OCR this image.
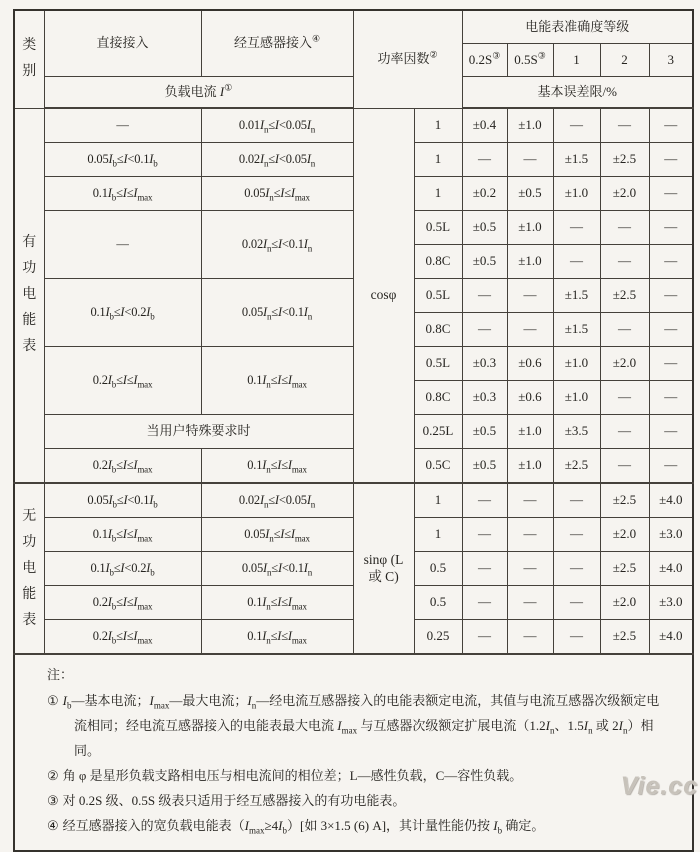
类别	直接接入	经互感器接入④	功率因数②		电能表准确度等级				
					0.2S③	0.5S③	1	2	3
	负载电流 I①				基本误差限/%				
有功电能表	—	$0.01I_n\le I<0.05I_n$	cosφ	1	±0.4	±1.0	—	—	—
	$0.05I_b\le I<0.1I_b$	$0.02I_n\le I<0.05I_n$		1	—	—	±1.5	±2.5	—
	$0.1I_b\le I\le I_{max}$	$0.05I_n\le I\le I_{max}$		1	±0.2	±0.5	±1.0	±2.0	—
	—	$0.02I_n\le I<0.1I_n$		0.5L	±0.5	±1.0	—	—	—
				0.8C	±0.5	±1.0	—	—	—
	$0.1I_b\le I<0.2I_b$	$0.05I_n\le I<0.1I_n$		0.5L	—	—	±1.5	±2.5	—
				0.8C	—	—	±1.5	—	—
	$0.2I_b\le I\le I_{max}$	$0.1I_n\le I\le I_{max}$		0.5L	±0.3	±0.6	±1.0	±2.0	—
				0.8C	±0.3	±0.6	±1.0	—	—
	当用户特殊要求时			0.25L	±0.5	±1.0	±3.5	—	—
	$0.2I_b\le I\le I_{max}$	$0.1I_n\le I\le I_{max}$		0.5C	±0.5	±1.0	±2.5	—	—
无功电能表	$0.05I_b\le I<0.1I_b$	$0.02I_n\le I<0.05I_n$	sinφ (L 或 C)	1	—	—	—	±2.5	±4.0
	$0.1I_b\le I\le I_{max}$	$0.05I_n\le I\le I_{max}$		1	—	—	—	±2.0	±3.0
	$0.1I_b\le I<0.2I_b$	$0.05I_n\le I<0.1I_n$		0.5	—	—	—	±2.5	±4.0
	$0.2I_b\le I\le I_{max}$	$0.1I_n\le I\le I_{max}$		0.5	—	—	—	±2.0	±3.0
	$0.2I_b\le I\le I_{max}$	$0.1I_n\le I\le I_{max}$		0.25	—	—	—	±2.5	±4.0

注：

① $I_b—$基本电流；$I_{max}—$最大电流；$I_n—$经电流互感器接入的电能表额定电流，其值与电流互感器次级额定电流相同；经电流互感器接入的电能表最大电流 $I_{max}$ 与互感器次级额定扩展电流（$1.2I_n$、$1.5I_n$ 或 $2I_n$）相同。

② 角 φ 是星形负载支路相电压与相电流间的相位差；L—感性负载，C—容性负载。

③ 对 0.2S 级、0.5S 级表只适用于经互感器接入的有功电能表。

④ 经互感器接入的宽负载电能表$(I_{max}\ge 4I_b)$[如 3×1.5 (6) A]，其计量性能仍按 $I_b$ 确定。									

Vie.cc
